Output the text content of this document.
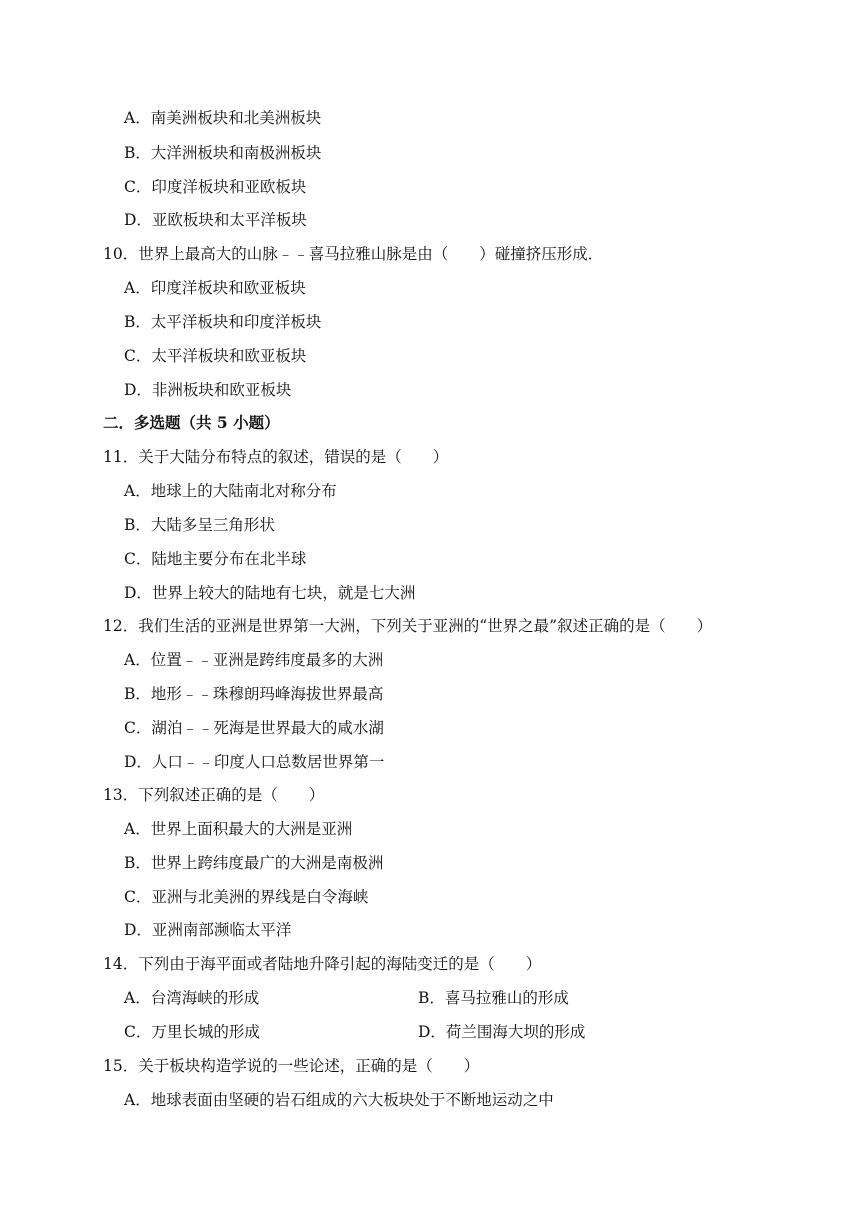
A．南美洲板块和北美洲板块
B．大洋洲板块和南极洲板块
C．印度洋板块和亚欧板块
D．亚欧板块和太平洋板块
10．世界上最高大的山脉﹣﹣喜马拉雅山脉是由（　　）碰撞挤压形成．
A．印度洋板块和欧亚板块
B．太平洋板块和印度洋板块
C．太平洋板块和欧亚板块
D．非洲板块和欧亚板块
二．多选题（共 5 小题）
11．关于大陆分布特点的叙述，错误的是（　　）
A．地球上的大陆南北对称分布
B．大陆多呈三角形状
C．陆地主要分布在北半球
D．世界上较大的陆地有七块，就是七大洲
12．我们生活的亚洲是世界第一大洲，下列关于亚洲的“世界之最”叙述正确的是（　　）
A．位置﹣﹣亚洲是跨纬度最多的大洲
B．地形﹣﹣珠穆朗玛峰海拔世界最高
C．湖泊﹣﹣死海是世界最大的咸水湖
D．人口﹣﹣印度人口总数居世界第一
13．下列叙述正确的是（　　）
A．世界上面积最大的大洲是亚洲
B．世界上跨纬度最广的大洲是南极洲
C．亚洲与北美洲的界线是白令海峡
D．亚洲南部濒临太平洋
14．下列由于海平面或者陆地升降引起的海陆变迁的是（　　）
A．台湾海峡的形成	B．喜马拉雅山的形成
C．万里长城的形成	D．荷兰围海大坝的形成
15．关于板块构造学说的一些论述，正确的是（　　）
A．地球表面由坚硬的岩石组成的六大板块处于不断地运动之中
